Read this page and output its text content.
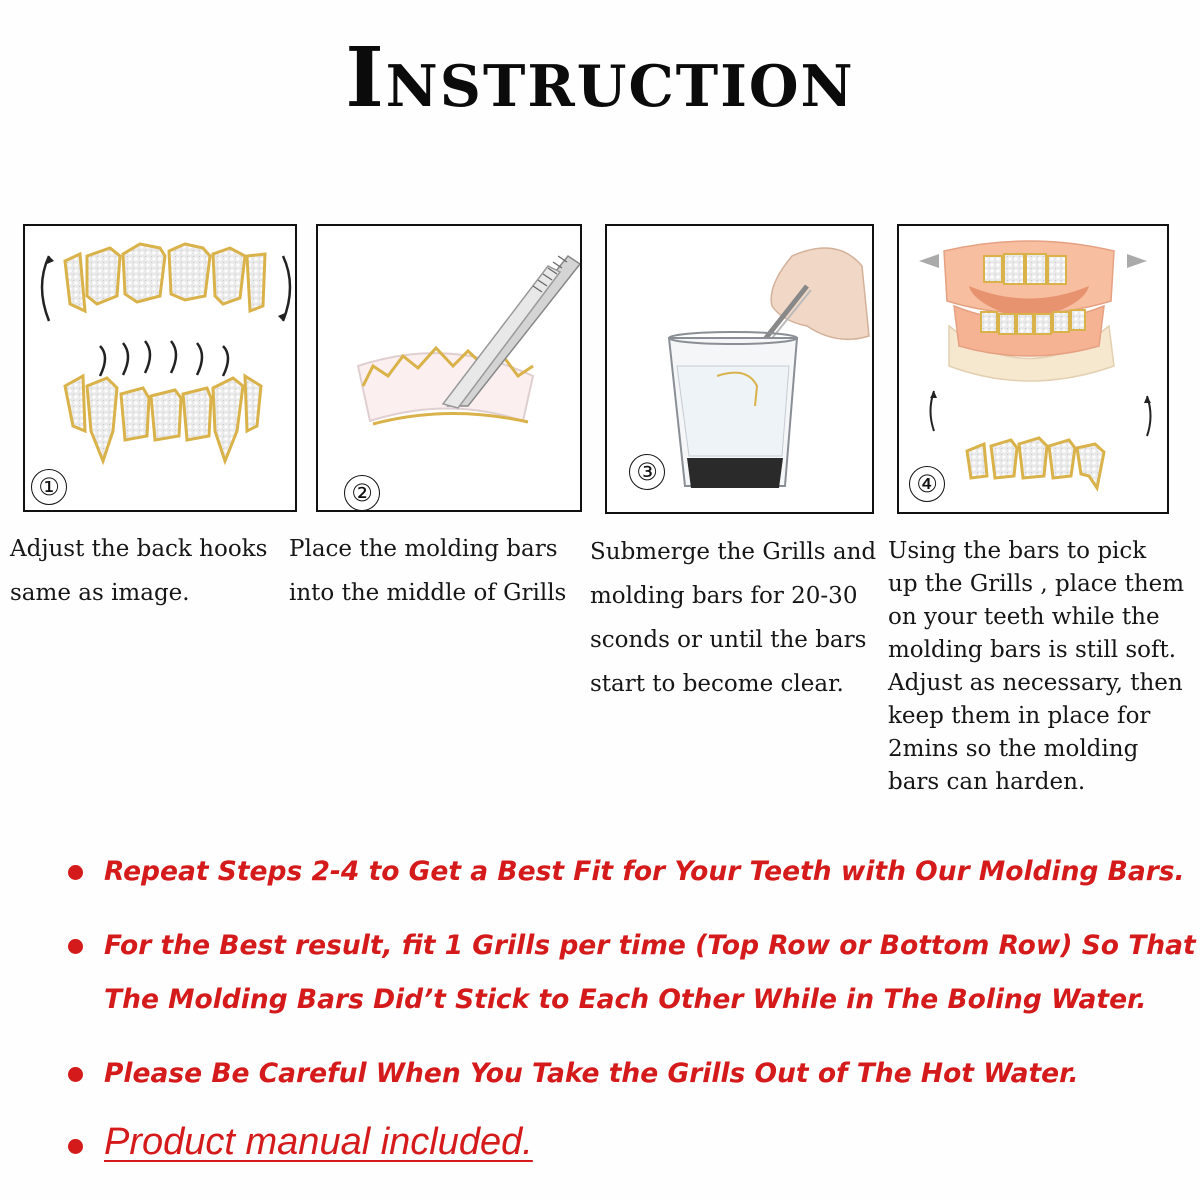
Instruction
①	②
③	④
Adjust the back hooks
same as image.
Place the molding bars
into the middle of Grills
Submerge the Grills and
molding bars for 20-30
sconds or until the bars
start to become clear.
Using the bars to pick
up the Grills , place them
on your teeth while the
molding bars is still soft.
Adjust as necessary, then
keep them in place for
2mins so the molding
bars can harden.
Repeat Steps 2-4 to Get a Best Fit for Your Teeth with Our Molding Bars.
For the Best result, fit 1 Grills per time (Top Row or Bottom Row) So That
The Molding Bars Did’t Stick to Each Other While in The Boling Water.
Please Be Careful When You Take the Grills Out of The Hot Water.
Product manual included.
